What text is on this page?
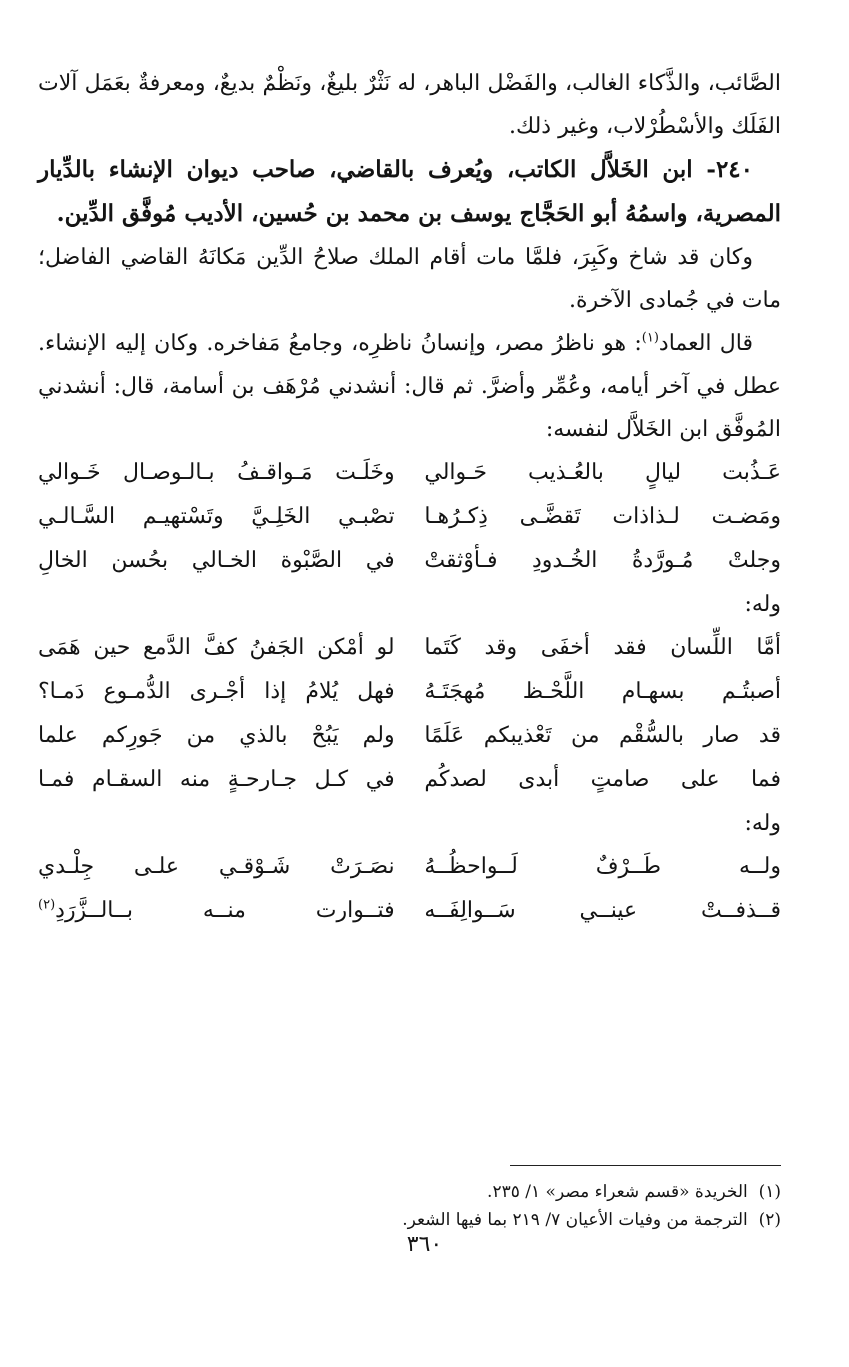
الصَّائب، والذَّكاء الغالب، والفَضْل الباهر، له نَثْرٌ بليغٌ، ونَظْمٌ بديعٌ، ومعرفةٌ بعَمَل آلات الفَلَك والأسْطُرْلاب، وغير ذلك.

٢٤٠- ابن الخَلاَّل الكاتب، ويُعرف بالقاضي، صاحب ديوان الإنشاء بالدِّيار المصرية، واسمُهُ أبو الحَجَّاج يوسف بن محمد بن حُسين، الأديب مُوفَّق الدِّين.

وكان قد شاخ وكَبِرَ، فلمَّا مات أقام الملك صلاحُ الدِّين مَكانَهُ القاضي الفاضل؛ مات في جُمادى الآخرة.

قال العماد$^{(١)}$: هو ناظرُ مصر، وإنسانُ ناظرِه، وجامعُ مَفاخره. وكان إليه الإنشاء. عطل في آخر أيامه، وعُمِّر وأضرَّ. ثم قال: أنشدني مُرْهَف بن أسامة، قال: أنشدني المُوفَّق ابن الخَلاَّل لنفسه:

عَـذُبت ليالٍ بالعُـذيب حَـوالي
وخَلَـت مَـواقـفُ بـالـوصـال خَـوالي
ومَضـت لـذاذات تَقضَّـى ذِكـرُهـا
تصْبـي الخَلِـيَّ وتَسْتهيـم السَّـالـي
وجلتْ مُـورَّدةُ الخُـدودِ فـأوْثقتْ
في الصَّبْوة الخـالي بحُسن الخالِ

وله:

أمَّا اللِّسان فقد أخفَى وقد كَتَما
لو أمْكن الجَفنُ كفَّ الدَّمع حين هَمَى
أصبتُـم بسهـام اللَّحْـظ مُهجَتَـهُ
فهل يُلامُ إذا أجْـرى الدُّمـوع دَمـا؟
قد صار بالسُّقْم من تَعْذيبكم عَلَمًا
ولم يَبُحْ بالذي من جَورِكم علما
فما على صامتٍ أبدى لصدكُم
في كـل جـارحـةٍ منه السقـام فمـا

وله:

ولــه طَــرْفٌ لَــواحظُــهُ
نصَـرَتْ شَـوْقـي علـى جِلْـدي
قــذفــتْ عينــي سَــوالِفَــه
فتــوارت منــه بــالــزَّرَدِ$^{(٢)}$
(١)  الخريدة «قسم شعراء مصر» ١/ ٢٣٥.
(٢)  الترجمة من وفيات الأعيان ٧/ ٢١٩ بما فيها الشعر.
٣٦٠
